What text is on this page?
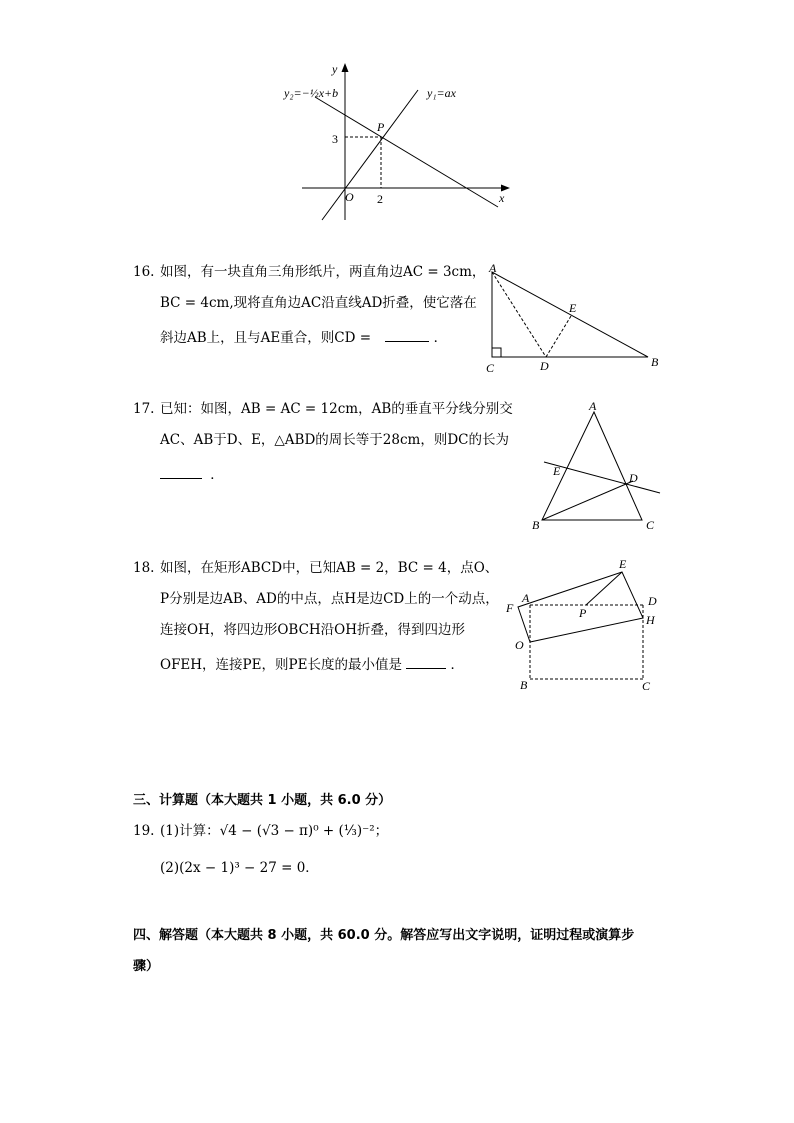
y
x
O
y₂=−½x+b	y₁=ax
P
3
2
16. 如图，有一块直角三角形纸片，两直角边AC = 3cm，
BC = 4cm,现将直角边AC沿直线AD折叠，使它落在
斜边AB上，且与AE重合，则CD =	．
A
E
C	D	B
17. 已知：如图，AB = AC = 12cm，AB的垂直平分线分别交
AC、AB于D、E，△ABD的周长等于28cm，则DC的长为
．
A
E	D
B	C
18. 如图，在矩形ABCD中，已知AB = 2，BC = 4，点O、
P分别是边AB、AD的中点，点H是边CD上的一个动点，
连接OH，将四边形OBCH沿OH折叠，得到四边形
OFEH，连接PE，则PE长度的最小值是	．
E
A
F	P
D
H
O
B	C
三、计算题（本大题共 1 小题，共 6.0 分）
19. (1)计算：√4 − (√3 − π)⁰ + (⅓)⁻²；
(2)(2x − 1)³ − 27 = 0．
四、解答题（本大题共 8 小题，共 60.0 分。解答应写出文字说明，证明过程或演算步
骤）
